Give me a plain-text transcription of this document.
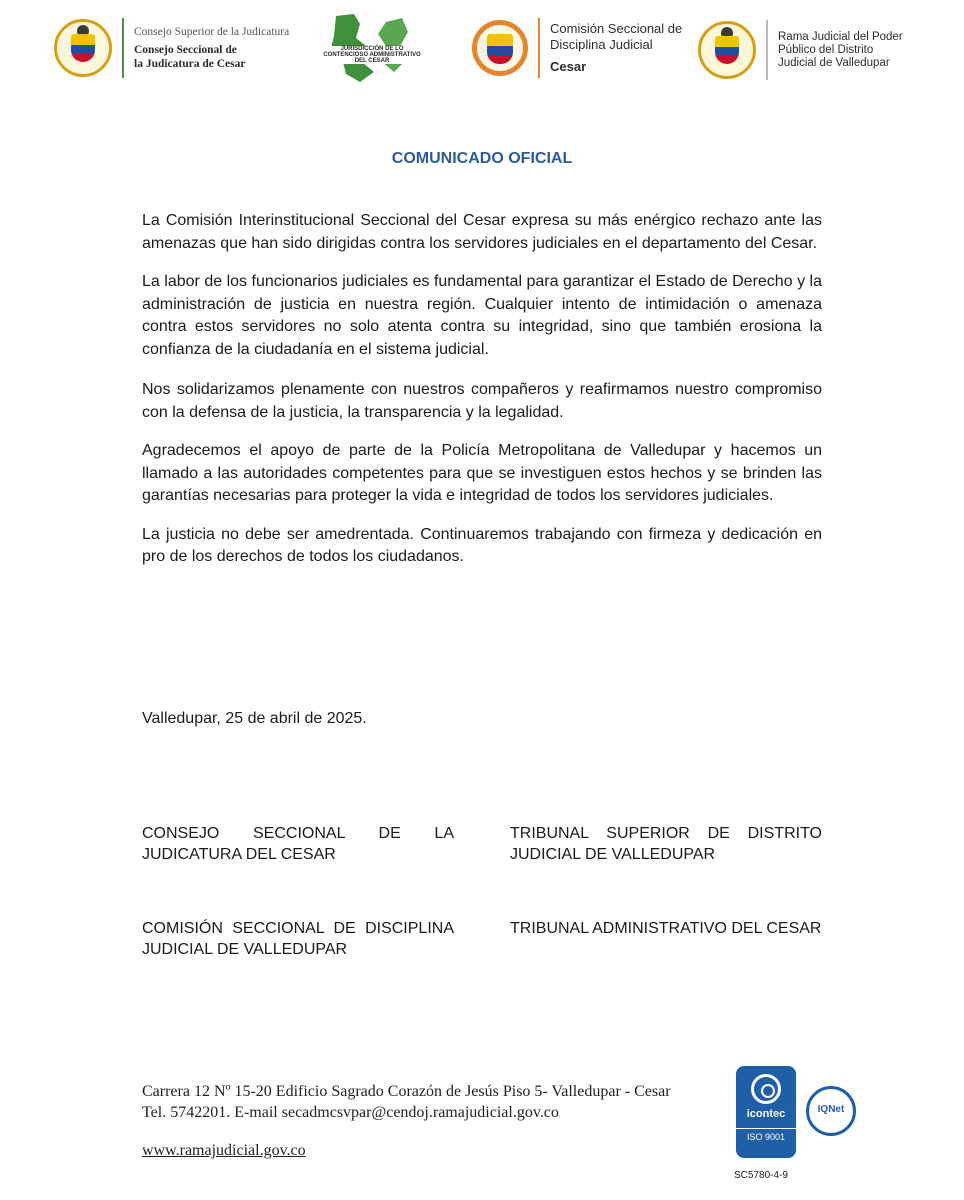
Consejo Superior de la Judicatura
Consejo Seccional de
la Judicatura de Cesar
JURISDICCIÓN DE LO CONTENCIOSO ADMINISTRATIVO DEL CESAR
Comisión Seccional de
Disciplina Judicial
Cesar
Rama Judicial del Poder
Público del Distrito
Judicial de Valledupar
COMUNICADO OFICIAL

La Comisión Interinstitucional Seccional del Cesar expresa su más enérgico rechazo ante las amenazas que han sido dirigidas contra los servidores judiciales en el departamento del Cesar.

La labor de los funcionarios judiciales es fundamental para garantizar el Estado de Derecho y la administración de justicia en nuestra región. Cualquier intento de intimidación o amenaza contra estos servidores no solo atenta contra su integridad, sino que también erosiona la confianza de la ciudadanía en el sistema judicial.

Nos solidarizamos plenamente con nuestros compañeros y reafirmamos nuestro compromiso con la defensa de la justicia, la transparencia y la legalidad.

Agradecemos el apoyo de parte de la Policía Metropolitana de Valledupar y hacemos un llamado a las autoridades competentes para que se investiguen estos hechos y se brinden las garantías necesarias para proteger la vida e integridad de todos los servidores judiciales.

La justicia no debe ser amedrentada. Continuaremos trabajando con firmeza y dedicación en pro de los derechos de todos los ciudadanos.

Valledupar, 25 de abril de 2025.
CONSEJO SECCIONAL DE LA JUDICATURA DEL CESAR
TRIBUNAL SUPERIOR DE DISTRITO JUDICIAL DE VALLEDUPAR
COMISIÓN SECCIONAL DE DISCIPLINA JUDICIAL DE VALLEDUPAR
TRIBUNAL ADMINISTRATIVO DEL CESAR
Carrera 12 Nº 15-20 Edificio Sagrado Corazón de Jesús Piso 5- Valledupar - Cesar
Tel. 5742201. E-mail secadmcsvpar@cendoj.ramajudicial.gov.co
www.ramajudicial.gov.co
icontec
ISO 9001
IQNet
SC5780-4-9
